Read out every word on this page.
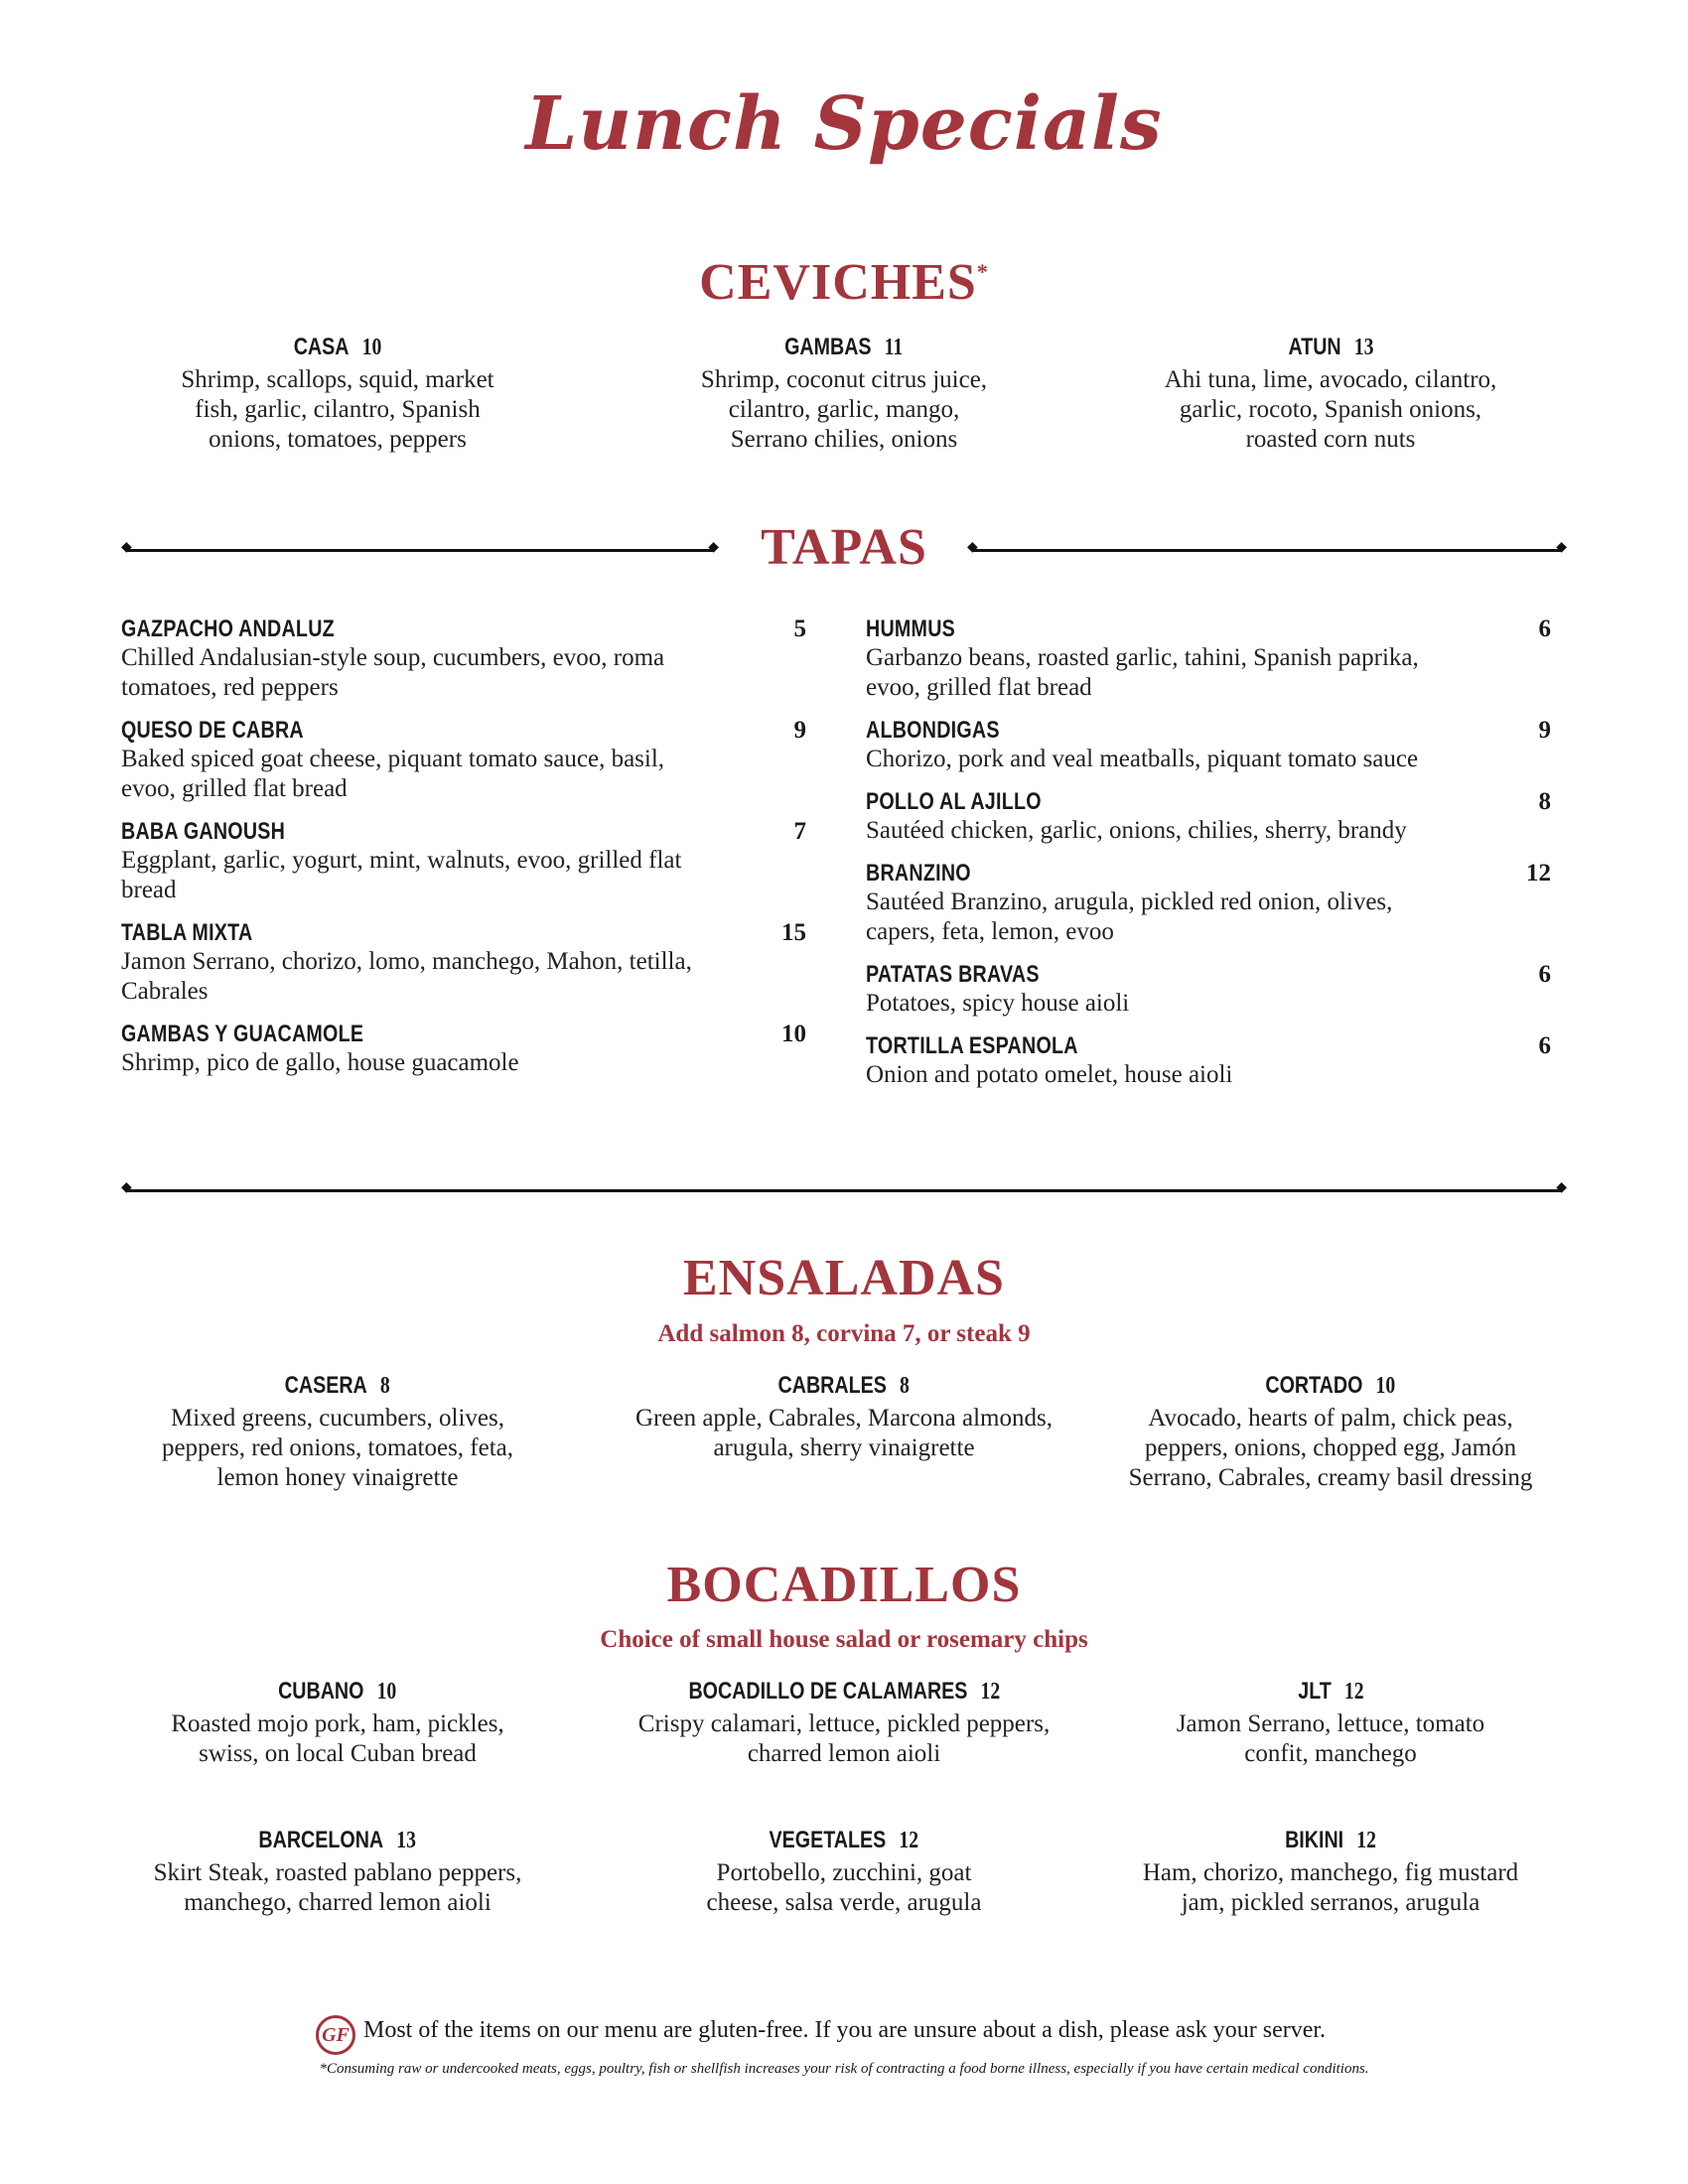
Lunch Specials
CEVICHES*
TAPAS
◆ ◆
◆ ◆
GAZPACHO ANDALUZ	5
Chilled Andalusian-style soup, cucumbers, evoo, roma tomatoes, red peppers
QUESO DE CABRA	9
Baked spiced goat cheese, piquant tomato sauce, basil, evoo, grilled flat bread
BABA GANOUSH	7
Eggplant, garlic, yogurt, mint, walnuts, evoo, grilled flat bread
TABLA MIXTA	15
Jamon Serrano, chorizo, lomo, manchego, Mahon, tetilla, Cabrales
GAMBAS Y GUACAMOLE	10
Shrimp, pico de gallo, house guacamole
HUMMUS	6
Garbanzo beans, roasted garlic, tahini, Spanish paprika, evoo, grilled flat bread
ALBONDIGAS	9
Chorizo, pork and veal meatballs, piquant tomato sauce
POLLO AL AJILLO	8
Sautéed chicken, garlic, onions, chilies, sherry, brandy
BRANZINO	12
Sautéed Branzino, arugula, pickled red onion, olives, capers, feta, lemon, evoo
PATATAS BRAVAS	6
Potatoes, spicy house aioli
TORTILLA ESPANOLA	6
Onion and potato omelet, house aioli
◆ ◆
ENSALADAS
Add salmon 8, corvina 7, or steak 9
BOCADILLOS
Choice of small house salad or rosemary chips
GF Most of the items on our menu are gluten-free. If you are unsure about a dish, please ask your server.
*Consuming raw or undercooked meats, eggs, poultry, fish or shellfish increases your risk of contracting a food borne illness, especially if you have certain medical conditions.
CASA 10
Shrimp, scallops, squid, market
fish, garlic, cilantro, Spanish
onions, tomatoes, peppers
GAMBAS 11
Shrimp, coconut citrus juice,
cilantro, garlic, mango,
Serrano chilies, onions
ATUN 13
Ahi tuna, lime, avocado, cilantro,
garlic, rocoto, Spanish onions,
roasted corn nuts
CASERA 8
Mixed greens, cucumbers, olives,
peppers, red onions, tomatoes, feta,
lemon honey vinaigrette
CABRALES 8
Green apple, Cabrales, Marcona almonds,
arugula, sherry vinaigrette
CORTADO 10
Avocado, hearts of palm, chick peas,
peppers, onions, chopped egg, Jamón
Serrano, Cabrales, creamy basil dressing
CUBANO 10
Roasted mojo pork, ham, pickles,
swiss, on local Cuban bread
BOCADILLO DE CALAMARES 12
Crispy calamari, lettuce, pickled peppers,
charred lemon aioli
JLT 12
Jamon Serrano, lettuce, tomato
confit, manchego
BARCELONA 13
Skirt Steak, roasted pablano peppers,
manchego, charred lemon aioli
VEGETALES 12
Portobello, zucchini, goat
cheese, salsa verde, arugula
BIKINI 12
Ham, chorizo, manchego, fig mustard
jam, pickled serranos, arugula
